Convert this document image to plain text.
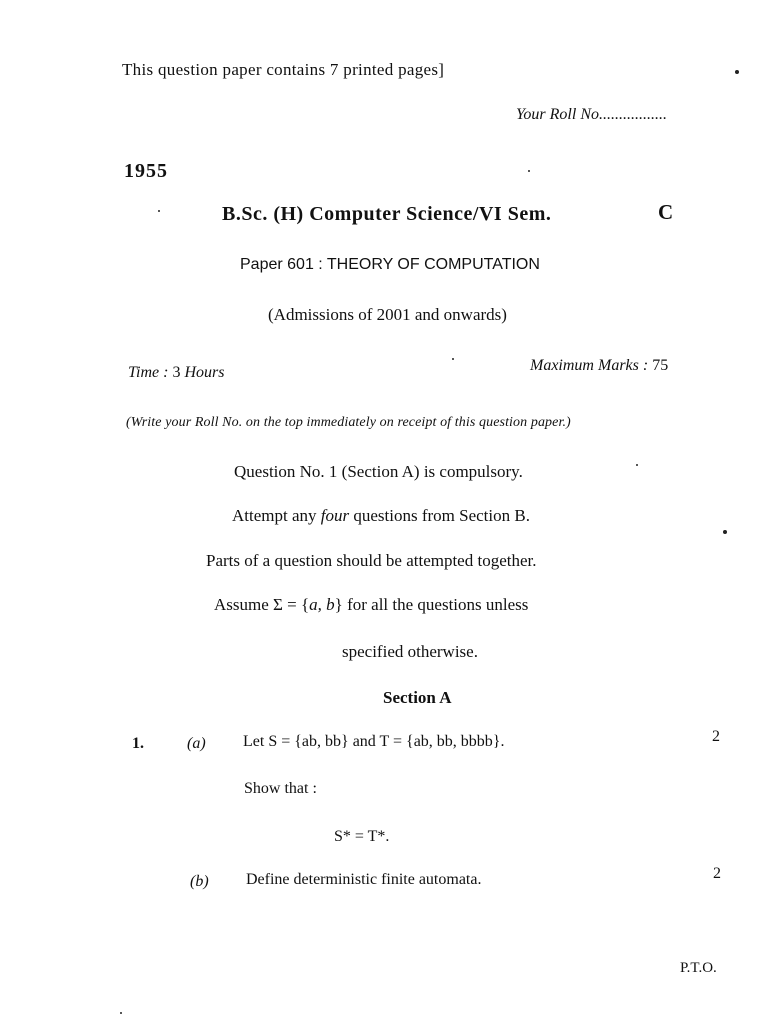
This question paper contains 7 printed pages]
Your Roll No.................
1955
B.Sc. (H) Computer Science/VI Sem.	C
Paper 601 : THEORY OF COMPUTATION
(Admissions of 2001 and onwards)
Time : 3 Hours	Maximum Marks : 75
(Write your Roll No. on the top immediately on receipt of this question paper.)
Question No. 1 (Section A) is compulsory.
Attempt any four questions from Section B.
Parts of a question should be attempted together.
Assume Σ = {a, b} for all the questions unless
specified otherwise.
Section A
1.	(a) Let S = {ab, bb} and T = {ab, bb, bbbb}.	2
Show that :
S* = T*.
(b) Define deterministic finite automata.	2
P.T.O.
